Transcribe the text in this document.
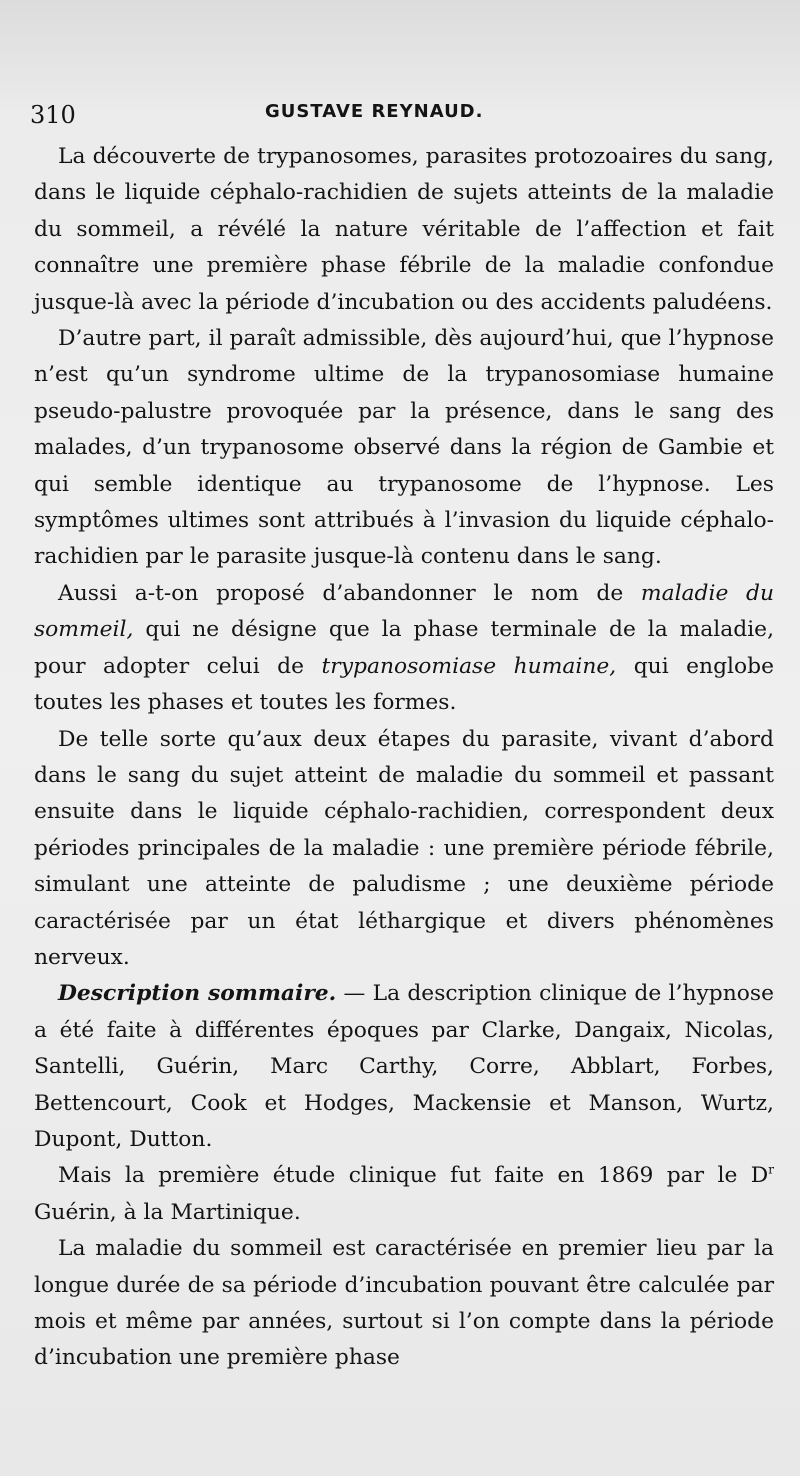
310	GUSTAVE REYNAUD.

La découverte de trypanosomes, parasites protozoaires du sang, dans le liquide céphalo-rachidien de sujets atteints de la maladie du sommeil, a révélé la nature véritable de l’affection et fait connaître une première phase fébrile de la maladie confondue jusque-là avec la période d’incubation ou des accidents paludéens.

D’autre part, il paraît admissible, dès aujourd’hui, que l’hypnose n’est qu’un syndrome ultime de la trypanosomiase humaine pseudo-palustre provoquée par la présence, dans le sang des malades, d’un trypanosome observé dans la région de Gambie et qui semble identique au trypanosome de l’hypnose. Les symptômes ultimes sont attribués à l’invasion du liquide céphalo-rachidien par le parasite jusque-là contenu dans le sang.

Aussi a-t-on proposé d’abandonner le nom de maladie du sommeil, qui ne désigne que la phase terminale de la maladie, pour adopter celui de trypanosomiase humaine, qui englobe toutes les phases et toutes les formes.

De telle sorte qu’aux deux étapes du parasite, vivant d’abord dans le sang du sujet atteint de maladie du sommeil et passant ensuite dans le liquide céphalo-rachidien, correspondent deux périodes principales de la maladie : une première période fébrile, simulant une atteinte de paludisme ; une deuxième période caractérisée par un état léthargique et divers phénomènes nerveux.

Description sommaire. — La description clinique de l’hypnose a été faite à différentes époques par Clarke, Dangaix, Nicolas, Santelli, Guérin, Marc Carthy, Corre, Abblart, Forbes, Bettencourt, Cook et Hodges, Mackensie et Manson, Wurtz, Dupont, Dutton.

Mais la première étude clinique fut faite en 1869 par le $D^r$ Guérin, à la Martinique.

La maladie du sommeil est caractérisée en premier lieu par la longue durée de sa période d’incubation pouvant être calculée par mois et même par années, surtout si l’on compte dans la période d’incubation une première phase
